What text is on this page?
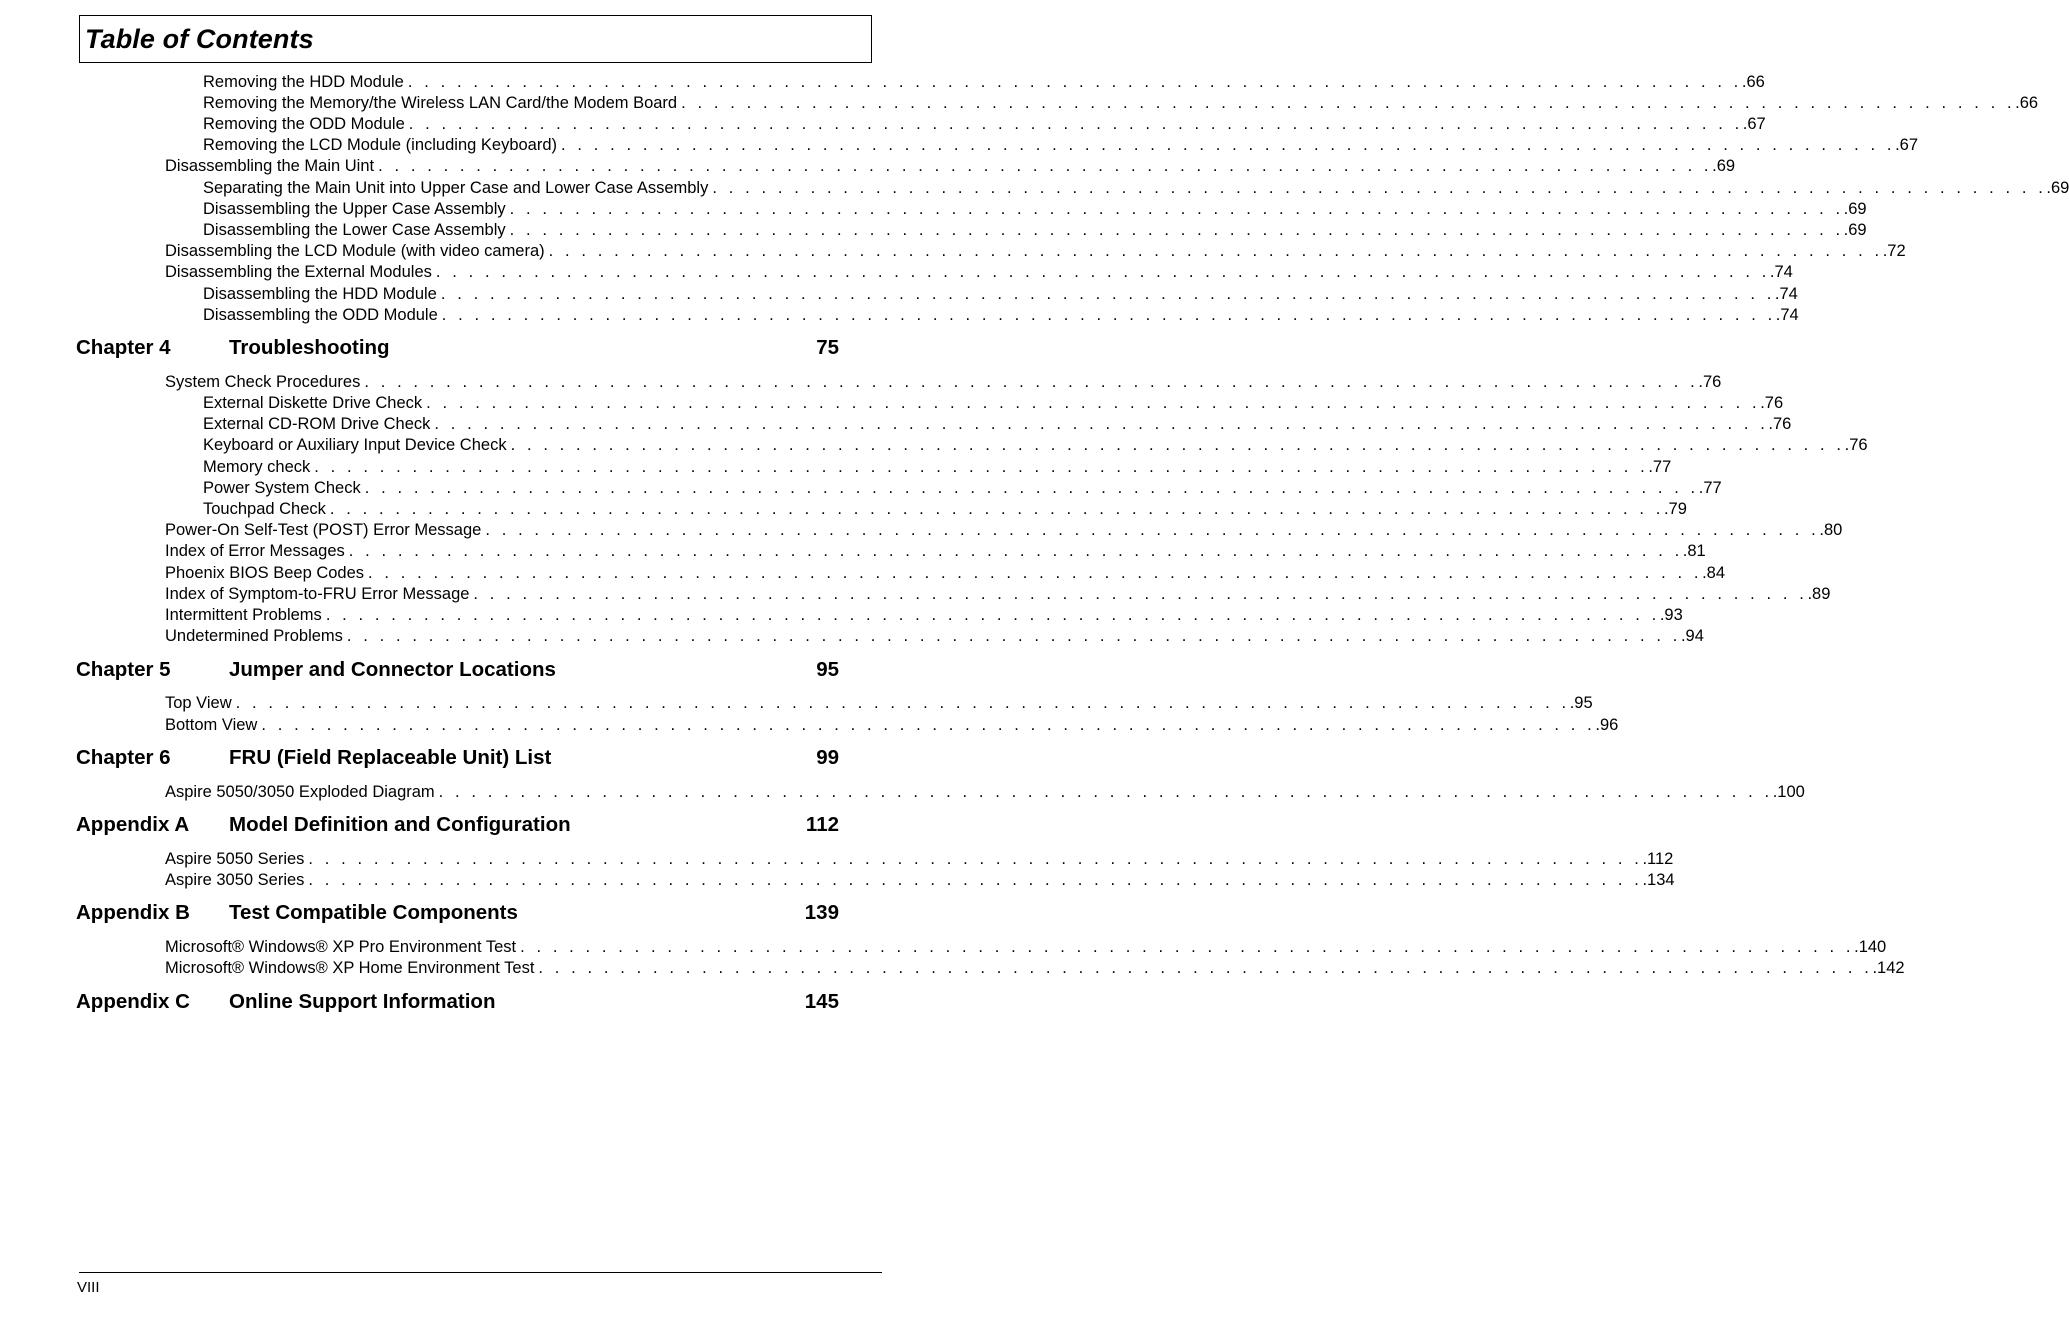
Table of Contents
Removing the HDD Module . . . . . . . . . . . . . . . . . . . . . . . . . . . . . . . . . . . . . . . . . . . . . . . . . . . . . . . . . . . . . . . . . . . . . . . . . . . . . . . . . . .66
Removing the Memory/the Wireless LAN Card/the Modem Board . . . . . . . . . . . . . . . . . . . . . . . . . . . . . . . . . . . . . . . . . . . . . . . . . . . . . . . . . . . . . . . . . . . . . . . . . . . . . . . . . . .66
Removing the ODD Module . . . . . . . . . . . . . . . . . . . . . . . . . . . . . . . . . . . . . . . . . . . . . . . . . . . . . . . . . . . . . . . . . . . . . . . . . . . . . . . . . . .67
Removing the LCD Module (including Keyboard) . . . . . . . . . . . . . . . . . . . . . . . . . . . . . . . . . . . . . . . . . . . . . . . . . . . . . . . . . . . . . . . . . . . . . . . . . . . . . . . . . . .67
Disassembling the Main Uint . . . . . . . . . . . . . . . . . . . . . . . . . . . . . . . . . . . . . . . . . . . . . . . . . . . . . . . . . . . . . . . . . . . . . . . . . . . . . . . . . . .69
Separating the Main Unit into Upper Case and Lower Case Assembly . . . . . . . . . . . . . . . . . . . . . . . . . . . . . . . . . . . . . . . . . . . . . . . . . . . . . . . . . . . . . . . . . . . . . . . . . . . . . . . . . . .69
Disassembling the Upper Case Assembly . . . . . . . . . . . . . . . . . . . . . . . . . . . . . . . . . . . . . . . . . . . . . . . . . . . . . . . . . . . . . . . . . . . . . . . . . . . . . . . . . . .69
Disassembling the Lower Case Assembly . . . . . . . . . . . . . . . . . . . . . . . . . . . . . . . . . . . . . . . . . . . . . . . . . . . . . . . . . . . . . . . . . . . . . . . . . . . . . . . . . . .69
Disassembling the LCD Module (with video camera) . . . . . . . . . . . . . . . . . . . . . . . . . . . . . . . . . . . . . . . . . . . . . . . . . . . . . . . . . . . . . . . . . . . . . . . . . . . . . . . . . . .72
Disassembling the External Modules . . . . . . . . . . . . . . . . . . . . . . . . . . . . . . . . . . . . . . . . . . . . . . . . . . . . . . . . . . . . . . . . . . . . . . . . . . . . . . . . . . .74
Disassembling the HDD Module . . . . . . . . . . . . . . . . . . . . . . . . . . . . . . . . . . . . . . . . . . . . . . . . . . . . . . . . . . . . . . . . . . . . . . . . . . . . . . . . . . .74
Disassembling the ODD Module . . . . . . . . . . . . . . . . . . . . . . . . . . . . . . . . . . . . . . . . . . . . . . . . . . . . . . . . . . . . . . . . . . . . . . . . . . . . . . . . . . .74
Chapter 4	Troubleshooting	75
System Check Procedures . . . . . . . . . . . . . . . . . . . . . . . . . . . . . . . . . . . . . . . . . . . . . . . . . . . . . . . . . . . . . . . . . . . . . . . . . . . . . . . . . . .76
External Diskette Drive Check . . . . . . . . . . . . . . . . . . . . . . . . . . . . . . . . . . . . . . . . . . . . . . . . . . . . . . . . . . . . . . . . . . . . . . . . . . . . . . . . . . .76
External CD-ROM Drive Check . . . . . . . . . . . . . . . . . . . . . . . . . . . . . . . . . . . . . . . . . . . . . . . . . . . . . . . . . . . . . . . . . . . . . . . . . . . . . . . . . . .76
Keyboard or Auxiliary Input Device Check . . . . . . . . . . . . . . . . . . . . . . . . . . . . . . . . . . . . . . . . . . . . . . . . . . . . . . . . . . . . . . . . . . . . . . . . . . . . . . . . . . .76
Memory check . . . . . . . . . . . . . . . . . . . . . . . . . . . . . . . . . . . . . . . . . . . . . . . . . . . . . . . . . . . . . . . . . . . . . . . . . . . . . . . . . . .77
Power System Check . . . . . . . . . . . . . . . . . . . . . . . . . . . . . . . . . . . . . . . . . . . . . . . . . . . . . . . . . . . . . . . . . . . . . . . . . . . . . . . . . . .77
Touchpad Check . . . . . . . . . . . . . . . . . . . . . . . . . . . . . . . . . . . . . . . . . . . . . . . . . . . . . . . . . . . . . . . . . . . . . . . . . . . . . . . . . . .79
Power-On Self-Test (POST) Error Message . . . . . . . . . . . . . . . . . . . . . . . . . . . . . . . . . . . . . . . . . . . . . . . . . . . . . . . . . . . . . . . . . . . . . . . . . . . . . . . . . . .80
Index of Error Messages . . . . . . . . . . . . . . . . . . . . . . . . . . . . . . . . . . . . . . . . . . . . . . . . . . . . . . . . . . . . . . . . . . . . . . . . . . . . . . . . . . .81
Phoenix BIOS Beep Codes . . . . . . . . . . . . . . . . . . . . . . . . . . . . . . . . . . . . . . . . . . . . . . . . . . . . . . . . . . . . . . . . . . . . . . . . . . . . . . . . . . .84
Index of Symptom-to-FRU Error Message . . . . . . . . . . . . . . . . . . . . . . . . . . . . . . . . . . . . . . . . . . . . . . . . . . . . . . . . . . . . . . . . . . . . . . . . . . . . . . . . . . .89
Intermittent Problems . . . . . . . . . . . . . . . . . . . . . . . . . . . . . . . . . . . . . . . . . . . . . . . . . . . . . . . . . . . . . . . . . . . . . . . . . . . . . . . . . . .93
Undetermined Problems . . . . . . . . . . . . . . . . . . . . . . . . . . . . . . . . . . . . . . . . . . . . . . . . . . . . . . . . . . . . . . . . . . . . . . . . . . . . . . . . . . .94
Chapter 5	Jumper and Connector Locations	95
Top View . . . . . . . . . . . . . . . . . . . . . . . . . . . . . . . . . . . . . . . . . . . . . . . . . . . . . . . . . . . . . . . . . . . . . . . . . . . . . . . . . . .95
Bottom View . . . . . . . . . . . . . . . . . . . . . . . . . . . . . . . . . . . . . . . . . . . . . . . . . . . . . . . . . . . . . . . . . . . . . . . . . . . . . . . . . . .96
Chapter 6	FRU (Field Replaceable Unit) List	99
Aspire 5050/3050 Exploded Diagram . . . . . . . . . . . . . . . . . . . . . . . . . . . . . . . . . . . . . . . . . . . . . . . . . . . . . . . . . . . . . . . . . . . . . . . . . . . . . . . . . . .100
Appendix A Model Definition and Configuration	112
Aspire 5050 Series . . . . . . . . . . . . . . . . . . . . . . . . . . . . . . . . . . . . . . . . . . . . . . . . . . . . . . . . . . . . . . . . . . . . . . . . . . . . . . . . . . .112
Aspire 3050 Series . . . . . . . . . . . . . . . . . . . . . . . . . . . . . . . . . . . . . . . . . . . . . . . . . . . . . . . . . . . . . . . . . . . . . . . . . . . . . . . . . . .134
Appendix B Test Compatible Components	139
Microsoft® Windows® XP Pro Environment Test . . . . . . . . . . . . . . . . . . . . . . . . . . . . . . . . . . . . . . . . . . . . . . . . . . . . . . . . . . . . . . . . . . . . . . . . . . . . . . . . . . .140
Microsoft® Windows® XP Home Environment Test . . . . . . . . . . . . . . . . . . . . . . . . . . . . . . . . . . . . . . . . . . . . . . . . . . . . . . . . . . . . . . . . . . . . . . . . . . . . . . . . . . .142
Appendix C Online Support Information	145
VIII
